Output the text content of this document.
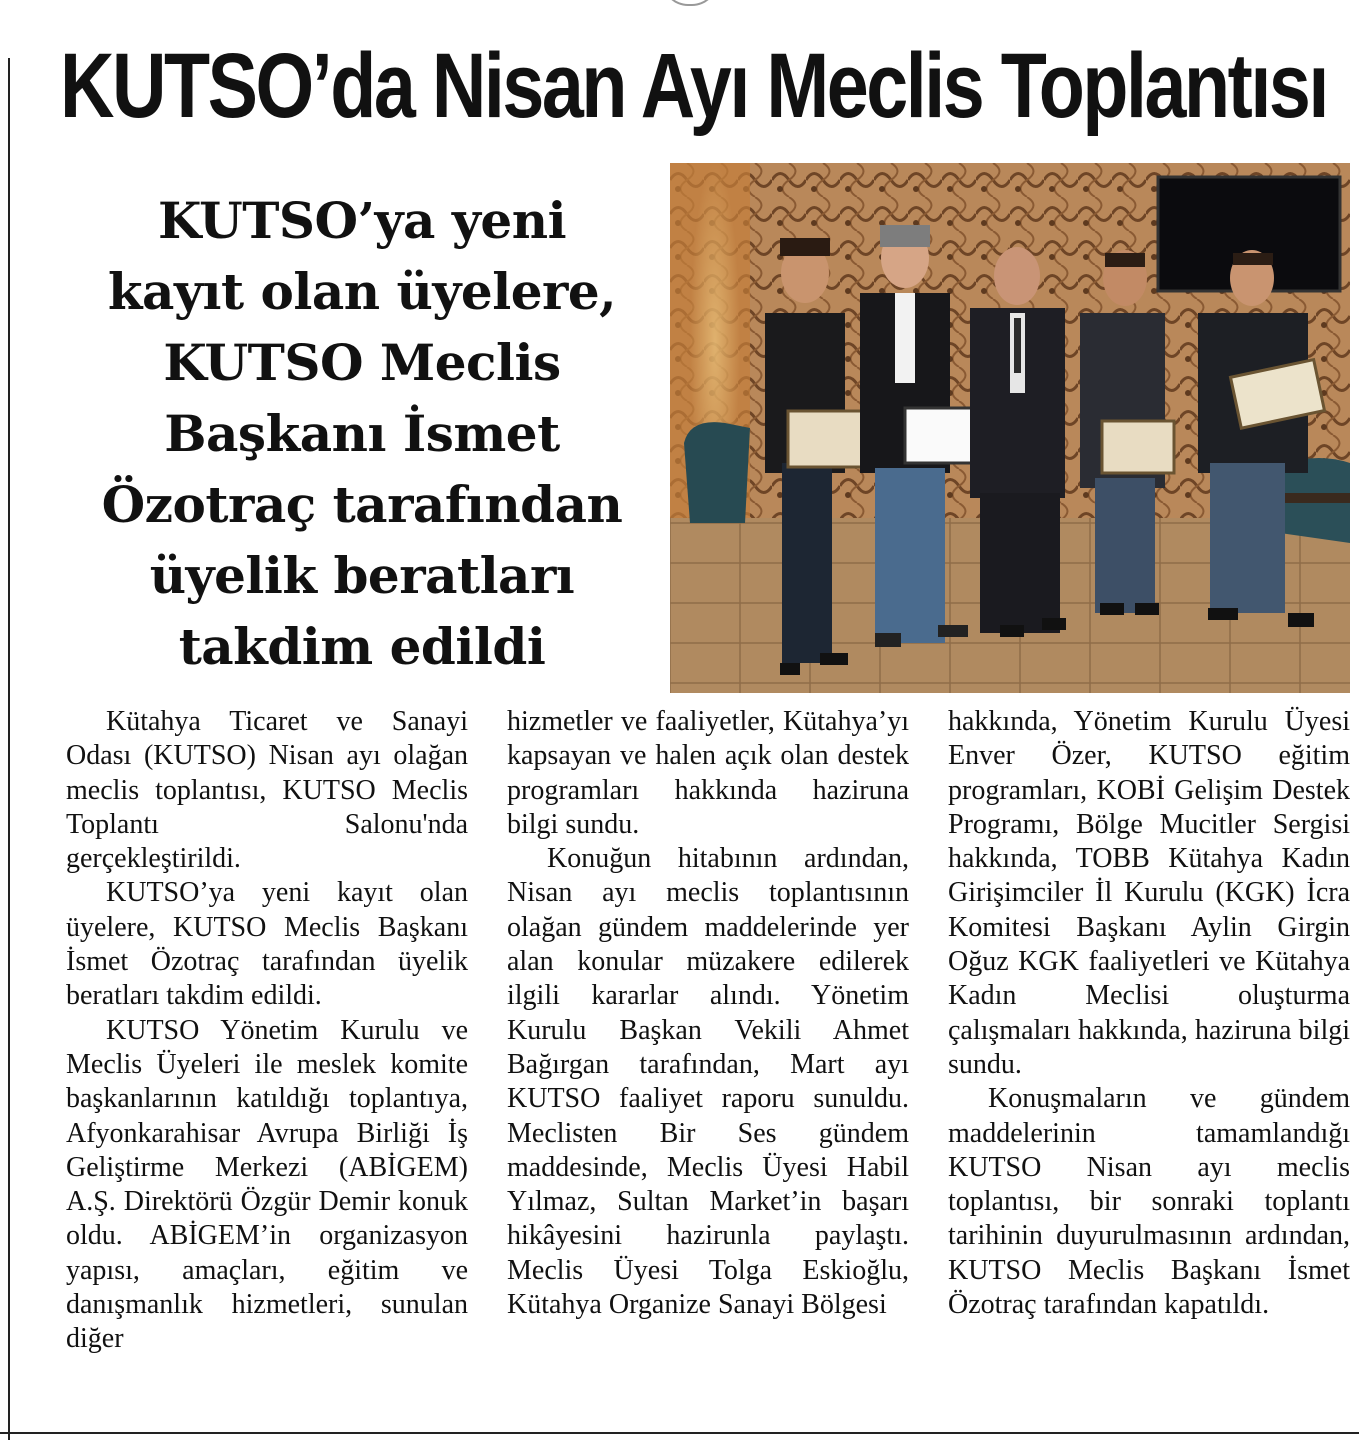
KUTSO’da Nisan Ayı Meclis Toplantısı
KUTSO’ya yeni
kayıt olan üyelere,
KUTSO Meclis
Başkanı İsmet
Özotraç tarafından
üyelik beratları
takdim edildi

Kütahya Ticaret ve Sanayi Odası (KUTSO) Nisan ayı olağan meclis toplantısı, KUTSO Meclis Toplantı Salonu'nda gerçekleştirildi.

KUTSO’ya yeni kayıt olan üyelere, KUTSO Meclis Başkanı İsmet Özotraç tarafından üyelik beratları takdim edildi.

KUTSO Yönetim Kurulu ve Meclis Üyeleri ile meslek komite başkanlarının katıldığı toplantıya, Afyonkarahisar Avrupa Birliği İş Geliştirme Merkezi (ABİGEM) A.Ş. Direktörü Özgür Demir konuk oldu. ABİGEM’in organizasyon yapısı, amaçları, eğitim ve danışmanlık hizmetleri, sunulan diğer

hizmetler ve faaliyetler, Kütahya’yı kapsayan ve halen açık olan destek programları hakkında haziruna bilgi sundu.

Konuğun hitabının ardından, Nisan ayı meclis toplantısının olağan gündem maddelerinde yer alan konular müzakere edilerek ilgili kararlar alındı. Yönetim Kurulu Başkan Vekili Ahmet Bağırgan tarafından, Mart ayı KUTSO faaliyet raporu sunuldu. Meclisten Bir Ses gündem maddesinde, Meclis Üyesi Habil Yılmaz, Sultan Market’in başarı hikâyesini hazirunla paylaştı. Meclis Üyesi Tolga Eskioğlu, Kütahya Organize Sanayi Bölgesi

hakkında, Yönetim Kurulu Üyesi Enver Özer, KUTSO eğitim programları, KOBİ Gelişim Destek Programı, Bölge Mucitler Sergisi hakkında, TOBB Kütahya Kadın Girişimciler İl Kurulu (KGK) İcra Komitesi Başkanı Aylin Girgin Oğuz KGK faaliyetleri ve Kütahya Kadın Meclisi oluşturma çalışmaları hakkında, haziruna bilgi sundu.

Konuşmaların ve gündem maddelerinin tamamlandığı KUTSO Nisan ayı meclis toplantısı, bir sonraki toplantı tarihinin duyurulmasının ardından, KUTSO Meclis Başkanı İsmet Özotraç tarafından kapatıldı.
